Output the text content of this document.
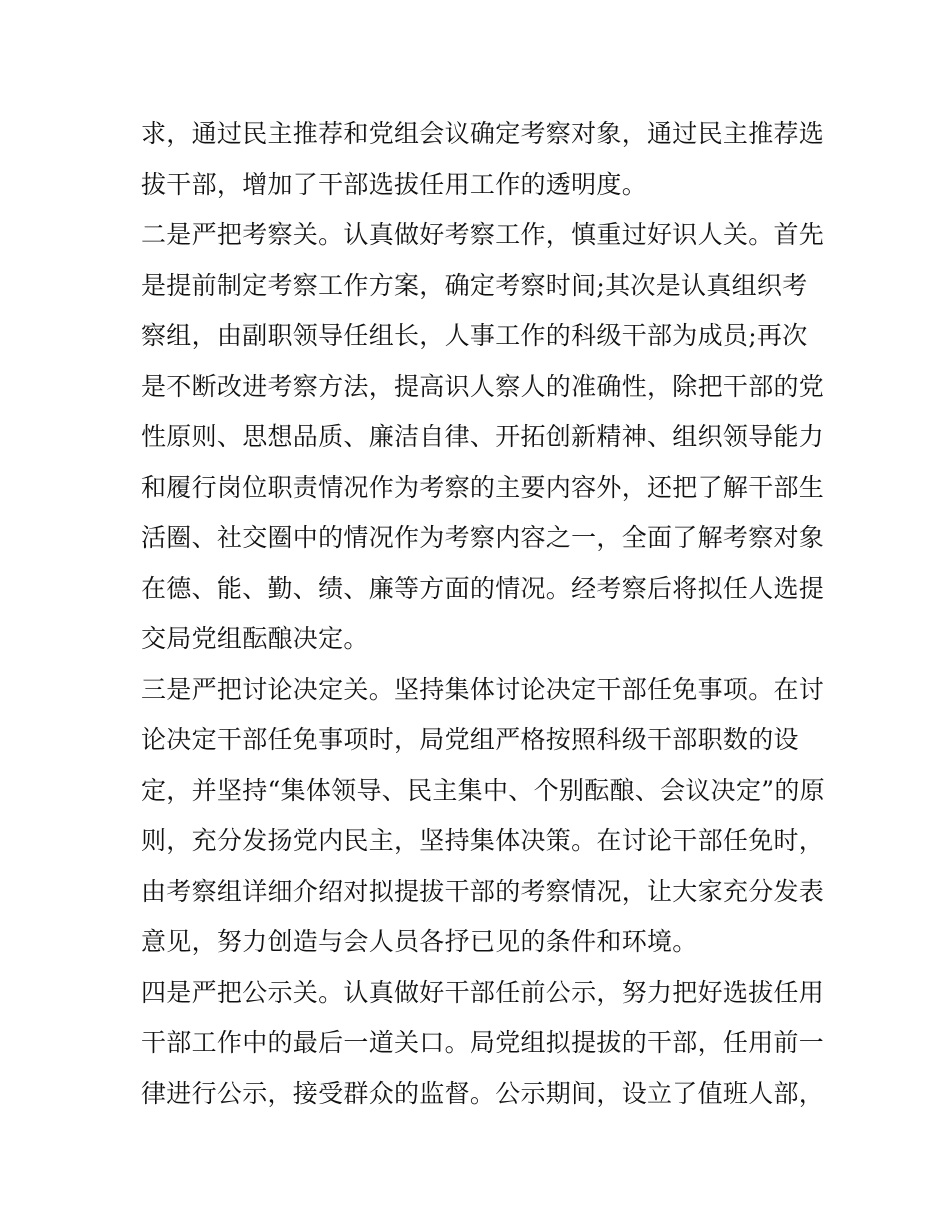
求，通过民主推荐和党组会议确定考察对象，通过民主推荐选
拔干部，增加了干部选拔任用工作的透明度。
二是严把考察关。认真做好考察工作，慎重过好识人关。首先
是提前制定考察工作方案，确定考察时间;其次是认真组织考
察组，由副职领导任组长，人事工作的科级干部为成员;再次
是不断改进考察方法，提高识人察人的准确性，除把干部的党
性原则、思想品质、廉洁自律、开拓创新精神、组织领导能力
和履行岗位职责情况作为考察的主要内容外，还把了解干部生
活圈、社交圈中的情况作为考察内容之一，全面了解考察对象
在德、能、勤、绩、廉等方面的情况。经考察后将拟任人选提
交局党组酝酿决定。
三是严把讨论决定关。坚持集体讨论决定干部任免事项。在讨
论决定干部任免事项时，局党组严格按照科级干部职数的设
定，并坚持“集体领导、民主集中、个别酝酿、会议决定”的原
则，充分发扬党内民主，坚持集体决策。在讨论干部任免时，
由考察组详细介绍对拟提拔干部的考察情况，让大家充分发表
意见，努力创造与会人员各抒已见的条件和环境。
四是严把公示关。认真做好干部任前公示，努力把好选拔任用
干部工作中的最后一道关口。局党组拟提拔的干部，任用前一
律进行公示，接受群众的监督。公示期间，设立了值班人部，
